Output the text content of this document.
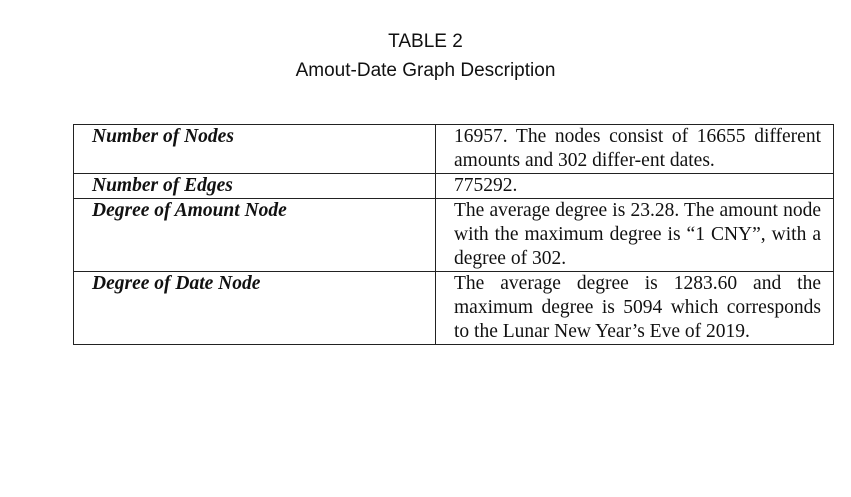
TABLE 2
Amout-Date Graph Description
Number of Nodes	16957. The nodes consist of 16655 different amounts and 302 differ-ent dates.
Number of Edges	775292.
Degree of Amount Node	The average degree is 23.28. The amount node with the maximum degree is “1 CNY”, with a degree of 302.
Degree of Date Node	The average degree is 1283.60 and the maximum degree is 5094 which corresponds to the Lunar New Year’s Eve of 2019.
